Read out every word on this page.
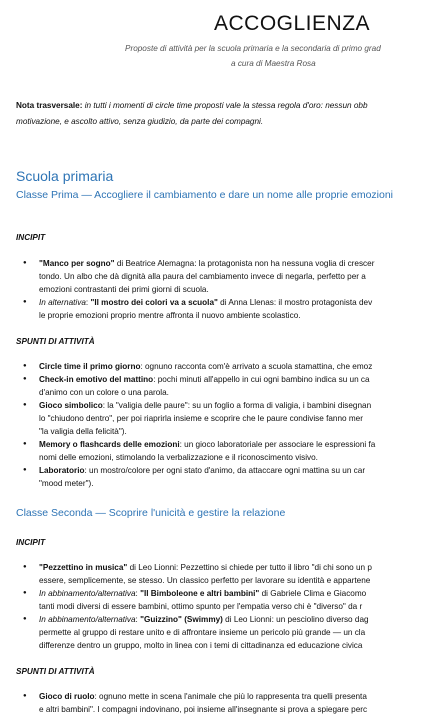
ACCOGLIENZA
Proposte di attività per la scuola primaria e la secondaria di primo grad
a cura di Maestra Rosa
Nota trasversale: in tutti i momenti di circle time proposti vale la stessa regola d'oro: nessun obb
motivazione, e ascolto attivo, senza giudizio, da parte dei compagni.
Scuola primaria
Classe Prima — Accogliere il cambiamento e dare un nome alle proprie emozioni
INCIPIT
● "Manco per sogno" di Beatrice Alemagna: la protagonista non ha nessuna voglia di crescer
tondo. Un albo che dà dignità alla paura del cambiamento invece di negarla, perfetto per a
emozioni contrastanti dei primi giorni di scuola.
● In alternativa: "Il mostro dei colori va a scuola" di Anna Llenas: il mostro protagonista dev
le proprie emozioni proprio mentre affronta il nuovo ambiente scolastico.
SPUNTI DI ATTIVITÀ
● Circle time il primo giorno: ognuno racconta com'è arrivato a scuola stamattina, che emoz
● Check-in emotivo del mattino: pochi minuti all'appello in cui ogni bambino indica su un ca
d'animo con un colore o una parola.
● Gioco simbolico: la "valigia delle paure": su un foglio a forma di valigia, i bambini disegnan
lo "chiudono dentro", per poi riaprirla insieme e scoprire che le paure condivise fanno mer
"la valigia della felicità").
● Memory o flashcards delle emozioni: un gioco laboratoriale per associare le espressioni fa
nomi delle emozioni, stimolando la verbalizzazione e il riconoscimento visivo.
● Laboratorio: un mostro/colore per ogni stato d'animo, da attaccare ogni mattina su un car
"mood meter").
Classe Seconda — Scoprire l'unicità e gestire la relazione
INCIPIT
● "Pezzettino in musica" di Leo Lionni: Pezzettino si chiede per tutto il libro "di chi sono un p
essere, semplicemente, se stesso. Un classico perfetto per lavorare su identità e appartene
● In abbinamento/alternativa: "Il Bimboleone e altri bambini" di Gabriele Clima e Giacomo
tanti modi diversi di essere bambini, ottimo spunto per l'empatia verso chi è "diverso" da r
● In abbinamento/alternativa: "Guizzino" (Swimmy) di Leo Lionni: un pesciolino diverso dag
permette al gruppo di restare unito e di affrontare insieme un pericolo più grande — un cla
differenze dentro un gruppo, molto in linea con i temi di cittadinanza ed educazione civica
SPUNTI DI ATTIVITÀ
● Gioco di ruolo: ognuno mette in scena l'animale che più lo rappresenta tra quelli presenta
e altri bambini". I compagni indovinano, poi insieme all'insegnante si prova a spiegare perc
